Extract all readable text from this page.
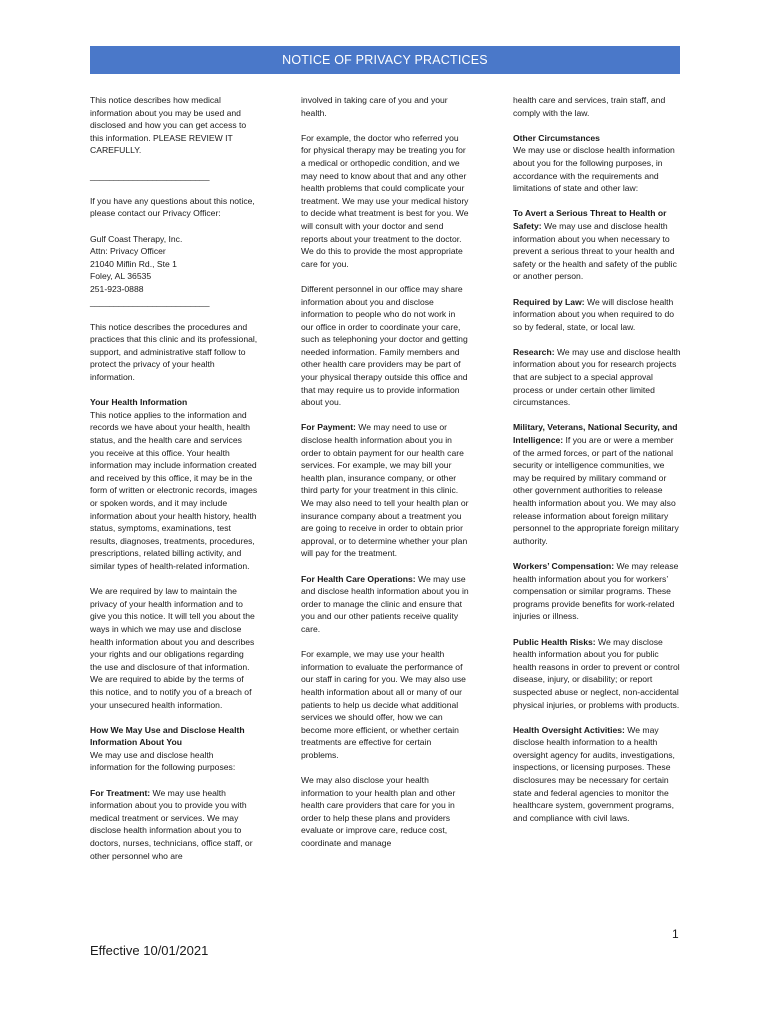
NOTICE OF PRIVACY PRACTICES

This notice describes how medical information about you may be used and disclosed and how you can get access to this information. PLEASE REVIEW IT CAREFULLY.

_________________________

If you have any questions about this notice, please contact our Privacy Officer:

Gulf Coast Therapy, Inc.
Attn: Privacy Officer
21040 Miflin Rd., Ste 1
Foley, AL 36535
251-923-0888

_________________________

This notice describes the procedures and practices that this clinic and its professional, support, and administrative staff follow to protect the privacy of your health information.

Your Health Information
This notice applies to the information and records we have about your health, health status, and the health care and services you receive at this office. Your health information may include information created and received by this office, it may be in the form of written or electronic records, images or spoken words, and it may include information about your health history, health status, symptoms, examinations, test results, diagnoses, treatments, procedures, prescriptions, related billing activity, and similar types of health-related information.

We are required by law to maintain the privacy of your health information and to give you this notice. It will tell you about the ways in which we may use and disclose health information about you and describes your rights and our obligations regarding the use and disclosure of that information. We are required to abide by the terms of this notice, and to notify you of a breach of your unsecured health information.

How We May Use and Disclose Health Information About You
We may use and disclose health information for the following purposes:

For Treatment: We may use health information about you to provide you with medical treatment or services. We may disclose health information about you to doctors, nurses, technicians, office staff, or other personnel who are

involved in taking care of you and your health.

For example, the doctor who referred you for physical therapy may be treating you for a medical or orthopedic condition, and we may need to know about that and any other health problems that could complicate your treatment. We may use your medical history to decide what treatment is best for you. We will consult with your doctor and send reports about your treatment to the doctor. We do this to provide the most appropriate care for you.

Different personnel in our office may share information about you and disclose information to people who do not work in our office in order to coordinate your care, such as telephoning your doctor and getting needed information. Family members and other health care providers may be part of your physical therapy outside this office and that may require us to provide information about you.

For Payment: We may need to use or disclose health information about you in order to obtain payment for our health care services. For example, we may bill your health plan, insurance company, or other third party for your treatment in this clinic. We may also need to tell your health plan or insurance company about a treatment you are going to receive in order to obtain prior approval, or to determine whether your plan will pay for the treatment.

For Health Care Operations: We may use and disclose health information about you in order to manage the clinic and ensure that you and our other patients receive quality care.

For example, we may use your health information to evaluate the performance of our staff in caring for you. We may also use health information about all or many of our patients to help us decide what additional services we should offer, how we can become more efficient, or whether certain treatments are effective for certain problems.

We may also disclose your health information to your health plan and other health care providers that care for you in order to help these plans and providers evaluate or improve care, reduce cost, coordinate and manage

health care and services, train staff, and comply with the law.

Other Circumstances
We may use or disclose health information about you for the following purposes, in accordance with the requirements and limitations of state and other law:

To Avert a Serious Threat to Health or Safety: We may use and disclose health information about you when necessary to prevent a serious threat to your health and safety or the health and safety of the public or another person.

Required by Law: We will disclose health information about you when required to do so by federal, state, or local law.

Research: We may use and disclose health information about you for research projects that are subject to a special approval process or under certain other limited circumstances.

Military, Veterans, National Security, and Intelligence: If you are or were a member of the armed forces, or part of the national security or intelligence communities, we may be required by military command or other government authorities to release health information about you. We may also release information about foreign military personnel to the appropriate foreign military authority.

Workers’ Compensation: We may release health information about you for workers’ compensation or similar programs. These programs provide benefits for work-related injuries or illness.

Public Health Risks: We may disclose health information about you for public health reasons in order to prevent or control disease, injury, or disability; or report suspected abuse or neglect, non-accidental physical injuries, or problems with products.

Health Oversight Activities: We may disclose health information to a health oversight agency for audits, investigations, inspections, or licensing purposes. These disclosures may be necessary for certain state and federal agencies to monitor the healthcare system, government programs, and compliance with civil laws.

1
Effective 10/01/2021
